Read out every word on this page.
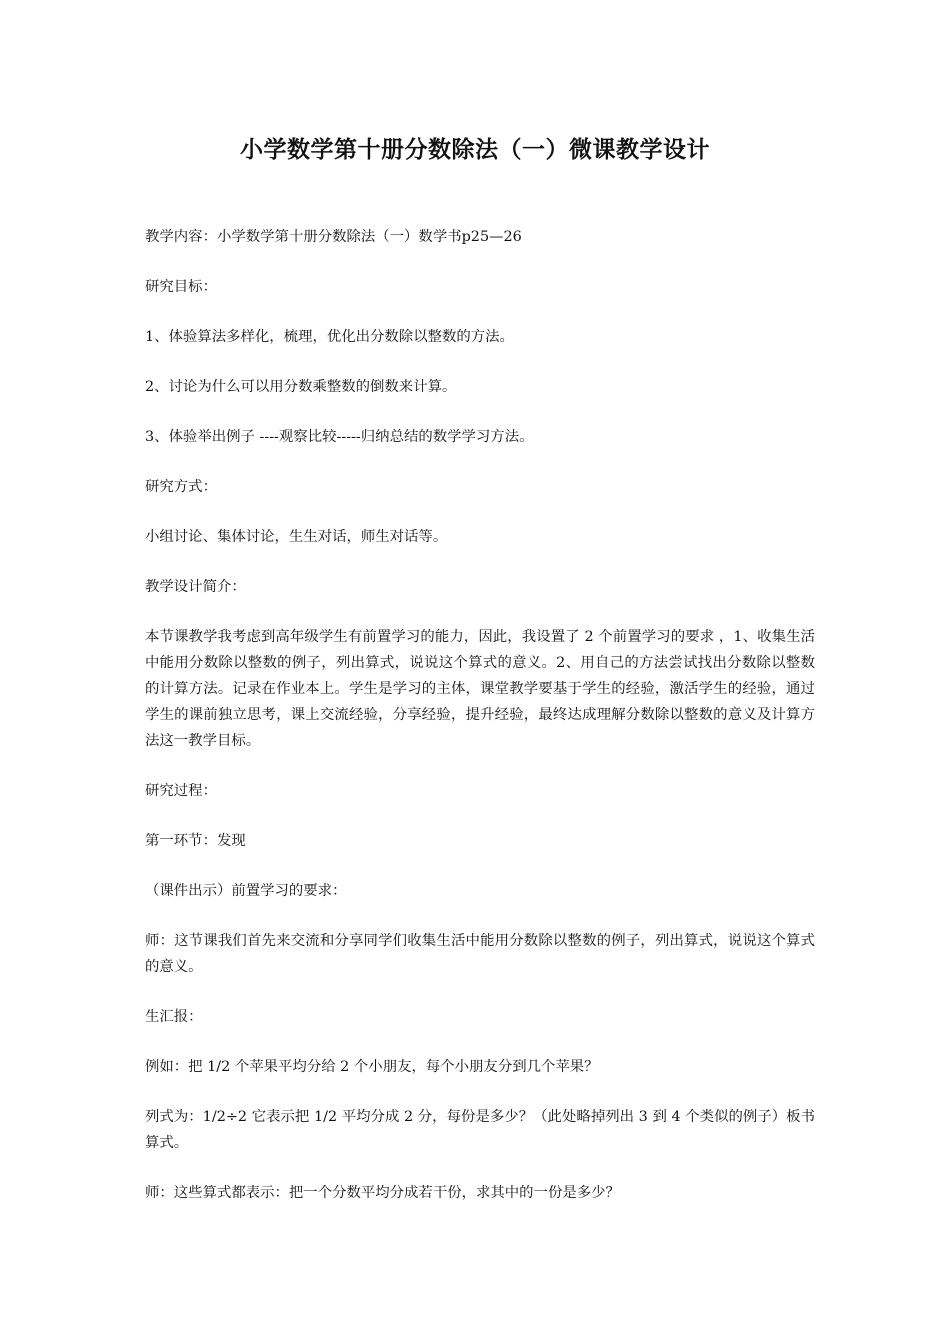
小学数学第十册分数除法（一）微课教学设计

教学内容：小学数学第十册分数除法（一）数学书p25—26

研究目标：

1、体验算法多样化，梳理，优化出分数除以整数的方法。

2、讨论为什么可以用分数乘整数的倒数来计算。

3、体验举出例子 ----观察比较-----归纳总结的数学学习方法。

研究方式：

小组讨论、集体讨论，生生对话，师生对话等。

教学设计简介：

本节课教学我考虑到高年级学生有前置学习的能力，因此，我设置了 2 个前置学习的要求 ，1、收集生活中能用分数除以整数的例子，列出算式，说说这个算式的意义。2、用自己的方法尝试找出分数除以整数的计算方法。记录在作业本上。学生是学习的主体，课堂教学要基于学生的经验，激活学生的经验，通过学生的课前独立思考，课上交流经验，分享经验，提升经验，最终达成理解分数除以整数的意义及计算方法这一教学目标。

研究过程：

第一环节：发现

（课件出示）前置学习的要求：

师：这节课我们首先来交流和分享同学们收集生活中能用分数除以整数的例子，列出算式，说说这个算式的意义。

生汇报：

例如：把 1/2 个苹果平均分给 2 个小朋友，每个小朋友分到几个苹果？

列式为：1/2÷2 它表示把 1/2 平均分成 2 分，每份是多少？（此处略掉列出 3 到 4 个类似的例子）板书算式。

师：这些算式都表示：把一个分数平均分成若干份，求其中的一份是多少？
